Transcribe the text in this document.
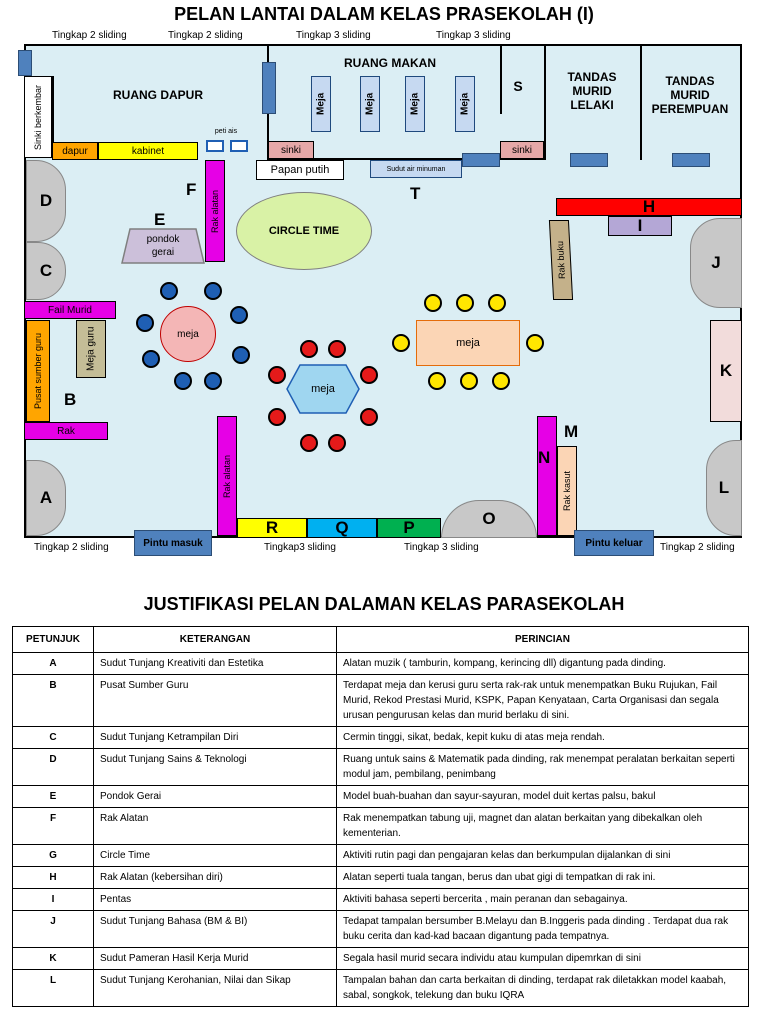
PELAN LANTAI DALAM KELAS PRASEKOLAH (I)
Tingkap 2 sliding	Tingkap 2 sliding	Tingkap 3 sliding	Tingkap 3 sliding
RUANG DAPUR
RUANG MAKAN
S
TANDAS MURID LELAKI
TANDAS MURID PEREMPUAN
Sinki berkembar
dapur	kabinet
peti ais
sinki	sinki
Meja	Meja	Meja	Meja
Papan putih	Sudut air minuman
T
D
C
A
J
K
L
E
pondok gerai
F	Rak alatan	CIRCLE TIME
H
I
Rak buku
Fail Murid
Pusat sumber guru	Meja guru
B
Rak
meja
meja
meja
Rak alatan
R	Q	P	O
M
N
Rak kasut
Pintu masuk	Pintu keluar
Tingkap 2 sliding	Tingkap3 sliding	Tingkap 3 sliding	Tingkap 2 sliding
JUSTIFIKASI PELAN DALAMAN KELAS PARASEKOLAH
PETUNJUK	KETERANGAN	PERINCIAN
A	Sudut Tunjang Kreativiti dan Estetika	Alatan muzik ( tamburin, kompang, kerincing dll) digantung pada dinding.
B	Pusat Sumber Guru	Terdapat meja dan kerusi guru serta rak-rak untuk menempatkan Buku Rujukan, Fail Murid, Rekod Prestasi Murid, KSPK, Papan Kenyataan, Carta Organisasi dan segala urusan pengurusan kelas dan murid berlaku di sini.
C	Sudut Tunjang Ketrampilan Diri	Cermin tinggi, sikat, bedak, kepit kuku di atas meja rendah.
D	Sudut Tunjang Sains & Teknologi	Ruang untuk sains & Matematik pada dinding, rak menempat peralatan berkaitan seperti modul jam, pembilang, penimbang
E	Pondok Gerai	Model buah-buahan dan sayur-sayuran, model duit kertas palsu, bakul
F	Rak Alatan	Rak menempatkan tabung uji, magnet dan alatan berkaitan yang dibekalkan oleh kementerian.
G	Circle Time	Aktiviti rutin pagi dan pengajaran kelas dan berkumpulan dijalankan di sini
H	Rak Alatan (kebersihan diri)	Alatan seperti tuala tangan, berus dan ubat gigi di tempatkan di rak ini.
I	Pentas	Aktiviti bahasa seperti bercerita , main peranan dan sebagainya.
J	Sudut Tunjang Bahasa (BM & BI)	Tedapat tampalan bersumber B.Melayu dan B.Inggeris pada dinding . Terdapat dua rak buku cerita dan kad-kad bacaan digantung pada tempatnya.
K	Sudut Pameran Hasil Kerja Murid	Segala hasil murid secara individu atau kumpulan dipemrkan di sini
L	Sudut Tunjang Kerohanian, Nilai dan Sikap	Tampalan bahan dan carta berkaitan di dinding, terdapat rak diletakkan model kaabah, sabal, songkok, telekung dan buku IQRA
